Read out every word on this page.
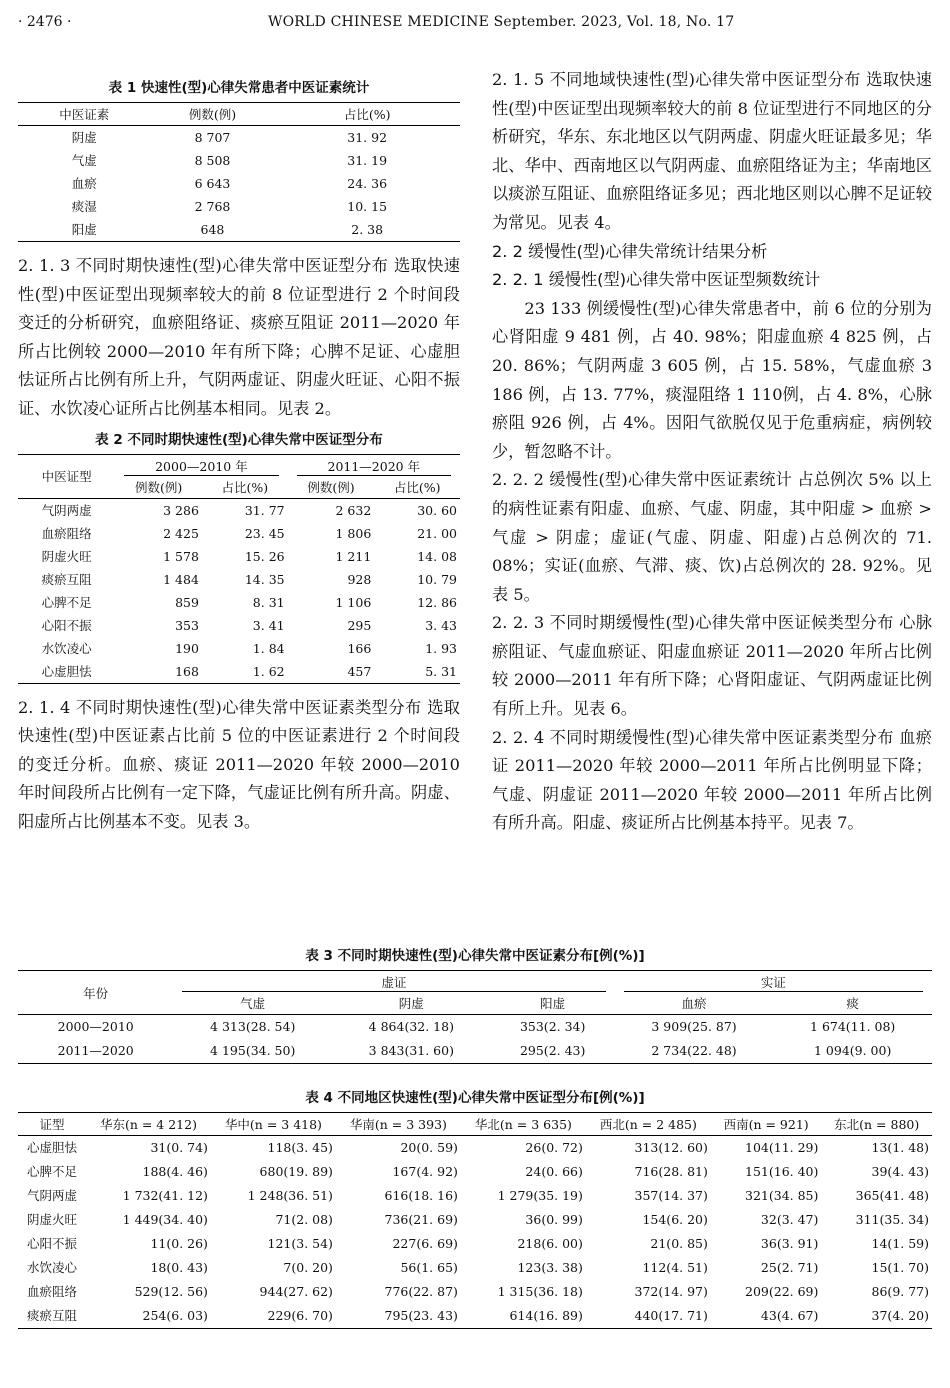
· 2476 ·	WORLD CHINESE MEDICINE September. 2023, Vol. 18, No. 17
表 1 快速性(型)心律失常患者中医证素统计
中医证素	例数(例)	占比(%)
阴虚	8 707	31. 92
气虚	8 508	31. 19
血瘀	6 643	24. 36
痰湿	2 768	10. 15
阳虚	648	2. 38

2. 1. 3 不同时期快速性(型)心律失常中医证型分布 选取快速性(型)中医证型出现频率较大的前 8 位证型进行 2 个时间段变迁的分析研究，血瘀阻络证、痰瘀互阻证 2011—2020 年所占比例较 2000—2010 年有所下降；心脾不足证、心虚胆怯证所占比例有所上升，气阴两虚证、阴虚火旺证、心阳不振证、水饮凌心证所占比例基本相同。见表 2。

表 2 不同时期快速性(型)心律失常中医证型分布
中医证型	2000—2010 年		2011—2020 年	

	例数(例)	占比(%)	例数(例)	占比(%)
气阴两虚	3 286	31. 77	2 632	30. 60
血瘀阻络	2 425	23. 45	1 806	21. 00
阴虚火旺	1 578	15. 26	1 211	14. 08
痰瘀互阻	1 484	14. 35	928	10. 79
心脾不足	859	8. 31	1 106	12. 86
心阳不振	353	3. 41	295	3. 43
水饮凌心	190	1. 84	166	1. 93
心虚胆怯	168	1. 62	457	5. 31

2. 1. 4 不同时期快速性(型)心律失常中医证素类型分布 选取快速性(型)中医证素占比前 5 位的中医证素进行 2 个时间段的变迁分析。血瘀、痰证 2011—2020 年较 2000—2010 年时间段所占比例有一定下降，气虚证比例有所升高。阴虚、阳虚所占比例基本不变。见表 3。

2. 1. 5 不同地域快速性(型)心律失常中医证型分布 选取快速性(型)中医证型出现频率较大的前 8 位证型进行不同地区的分析研究，华东、东北地区以气阴两虚、阴虚火旺证最多见；华北、华中、西南地区以气阴两虚、血瘀阻络证为主；华南地区以痰淤互阻证、血瘀阻络证多见；西北地区则以心脾不足证较为常见。见表 4。

2. 2 缓慢性(型)心律失常统计结果分析

2. 2. 1 缓慢性(型)心律失常中医证型频数统计

23 133 例缓慢性(型)心律失常患者中，前 6 位的分别为心肾阳虚 9 481 例，占 40. 98%；阳虚血瘀 4 825 例，占 20. 86%；气阴两虚 3 605 例，占 15. 58%，气虚血瘀 3 186 例，占 13. 77%，痰湿阻络 1 110例，占 4. 8%，心脉瘀阻 926 例，占 4%。因阳气欲脱仅见于危重病症，病例较少，暂忽略不计。

2. 2. 2 缓慢性(型)心律失常中医证素统计 占总例次 5% 以上的病性证素有阳虚、血瘀、气虚、阴虚，其中阳虚 > 血瘀 > 气虚 > 阴虚；虚证(气虚、阴虚、阳虚)占总例次的 71. 08%；实证(血瘀、气滞、痰、饮)占总例次的 28. 92%。见表 5。

2. 2. 3 不同时期缓慢性(型)心律失常中医证候类型分布 心脉瘀阻证、气虚血瘀证、阳虚血瘀证 2011—2020 年所占比例较 2000—2011 年有所下降；心肾阳虚证、气阴两虚证比例有所上升。见表 6。

2. 2. 4 不同时期缓慢性(型)心律失常中医证素类型分布 血瘀证 2011—2020 年较 2000—2011 年所占比例明显下降；气虚、阴虚证 2011—2020 年较 2000—2011 年所占比例有所升高。阳虚、痰证所占比例基本持平。见表 7。

表 3 不同时期快速性(型)心律失常中医证素分布[例(%)]
年份	虚证			实证	

	气虚	阴虚	阳虚	血瘀	痰
2000—2010	4 313(28. 54)	4 864(32. 18)	353(2. 34)	3 909(25. 87)	1 674(11. 08)
2011—2020	4 195(34. 50)	3 843(31. 60)	295(2. 43)	2 734(22. 48)	1 094(9. 00)
表 4 不同地区快速性(型)心律失常中医证型分布[例(%)]
证型	华东(n = 4 212)	华中(n = 3 418)	华南(n = 3 393)	华北(n = 3 635)	西北(n = 2 485)	西南(n = 921)	东北(n = 880)
心虚胆怯	31(0. 74)	118(3. 45)	20(0. 59)	26(0. 72)	313(12. 60)	104(11. 29)	13(1. 48)
心脾不足	188(4. 46)	680(19. 89)	167(4. 92)	24(0. 66)	716(28. 81)	151(16. 40)	39(4. 43)
气阴两虚	1 732(41. 12)	1 248(36. 51)	616(18. 16)	1 279(35. 19)	357(14. 37)	321(34. 85)	365(41. 48)
阴虚火旺	1 449(34. 40)	71(2. 08)	736(21. 69)	36(0. 99)	154(6. 20)	32(3. 47)	311(35. 34)
心阳不振	11(0. 26)	121(3. 54)	227(6. 69)	218(6. 00)	21(0. 85)	36(3. 91)	14(1. 59)
水饮凌心	18(0. 43)	7(0. 20)	56(1. 65)	123(3. 38)	112(4. 51)	25(2. 71)	15(1. 70)
血瘀阻络	529(12. 56)	944(27. 62)	776(22. 87)	1 315(36. 18)	372(14. 97)	209(22. 69)	86(9. 77)
痰瘀互阻	254(6. 03)	229(6. 70)	795(23. 43)	614(16. 89)	440(17. 71)	43(4. 67)	37(4. 20)
